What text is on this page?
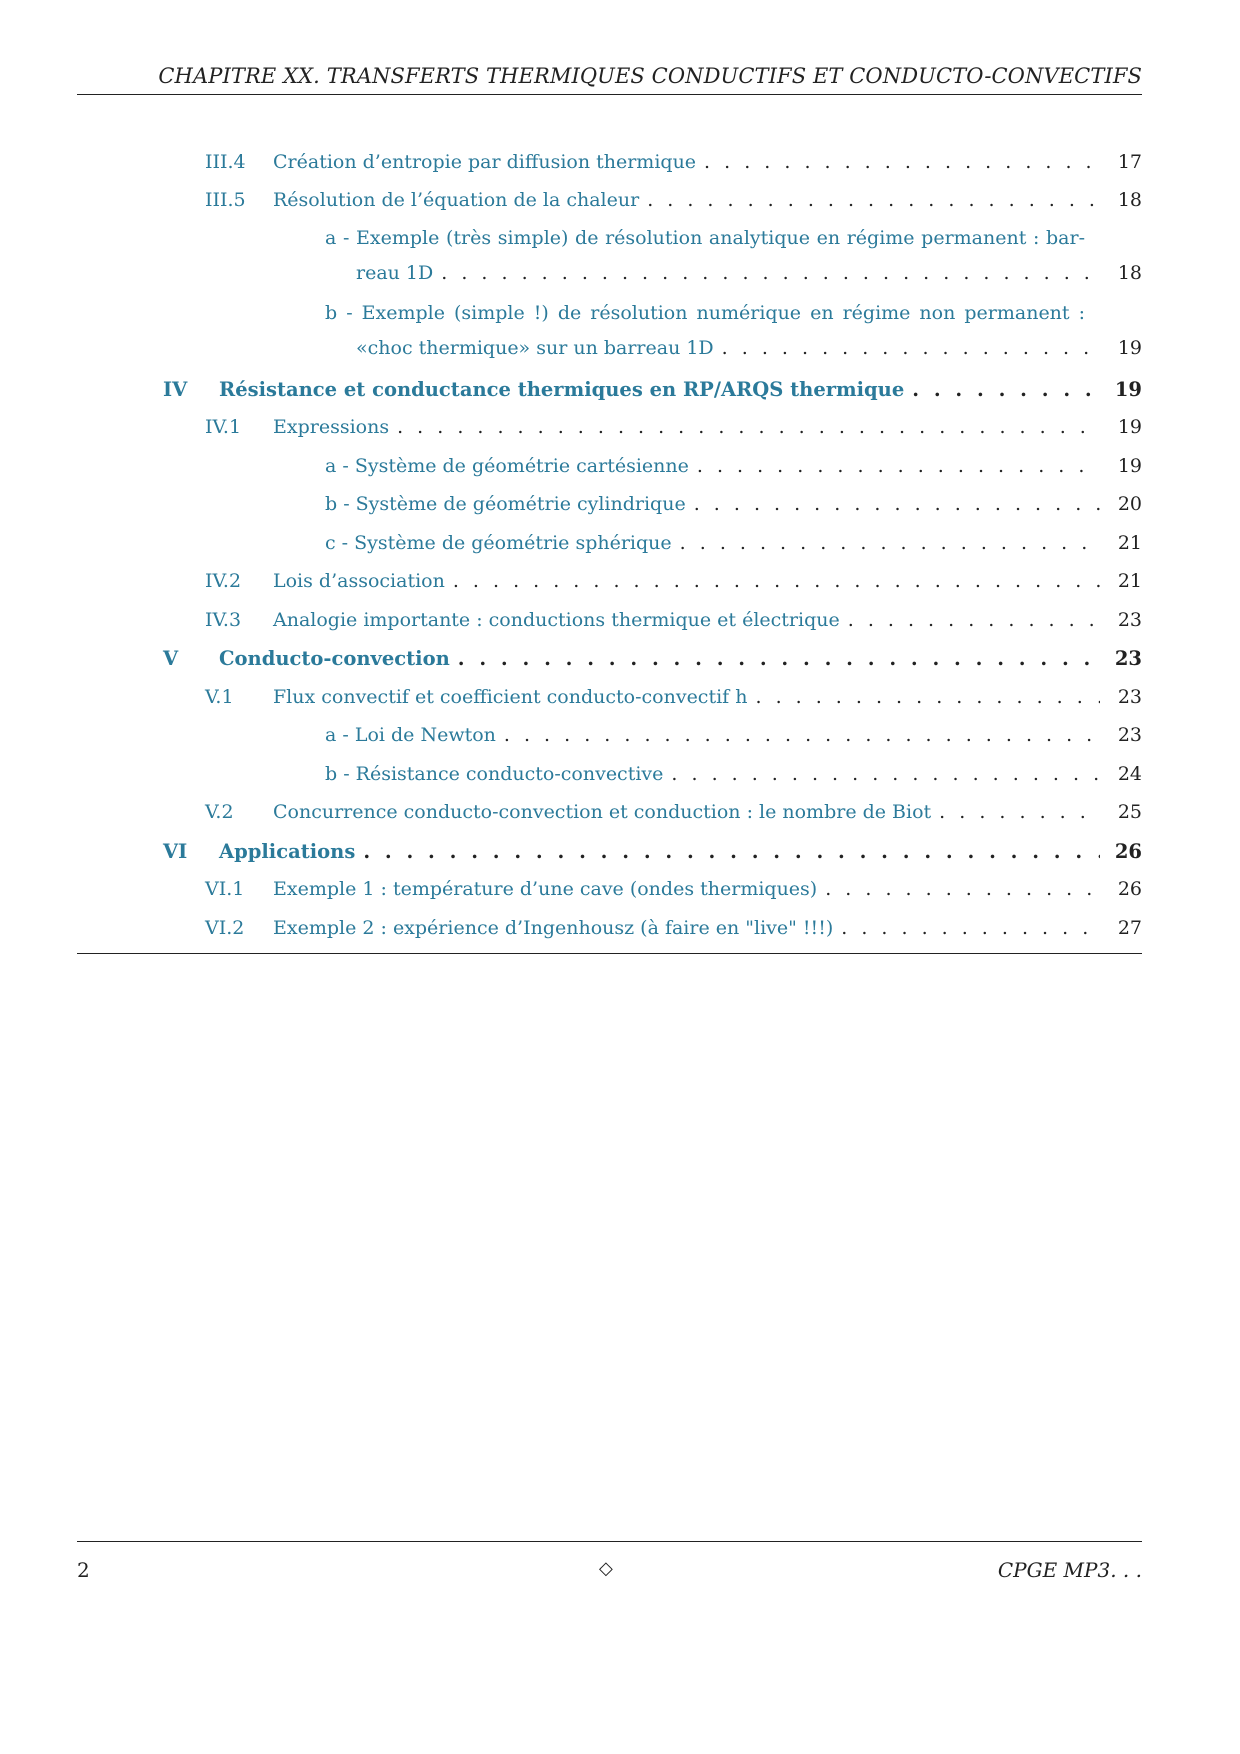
CHAPITRE XX. TRANSFERTS THERMIQUES CONDUCTIFS ET CONDUCTO-CONVECTIFS
III.4	Création d’entropie par diffusion thermique . . .	17
III.5	Résolution de l’équation de la chaleur . . .	18
a - Exemple (très simple) de résolution analytique en régime permanent : bar-
reau 1D . . .	18
b - Exemple (simple !) de résolution numérique en régime non permanent :
«choc thermique» sur un barreau 1D . . .	19
IV	Résistance et conductance thermiques en RP/ARQS thermique . . .	19
IV.1	Expressions . . .	19
a - Système de géométrie cartésienne . . .	19
b - Système de géométrie cylindrique . . .	20
c - Système de géométrie sphérique . . .	21
IV.2	Lois d’association . . .	21
IV.3	Analogie importante : conductions thermique et électrique . . .	23
V	Conducto-convection . . .	23
V.1	Flux convectif et coefficient conducto-convectif h . . .	23
a - Loi de Newton . . .	23
b - Résistance conducto-convective . . .	24
V.2	Concurrence conducto-convection et conduction : le nombre de Biot . . .	25
VI	Applications . . .	26
VI.1	Exemple 1 : température d’une cave (ondes thermiques) . . .	26
VI.2	Exemple 2 : expérience d’Ingenhousz (à faire en "live" !!!) . . .	27
2	◇	CPGE MP3. . .
